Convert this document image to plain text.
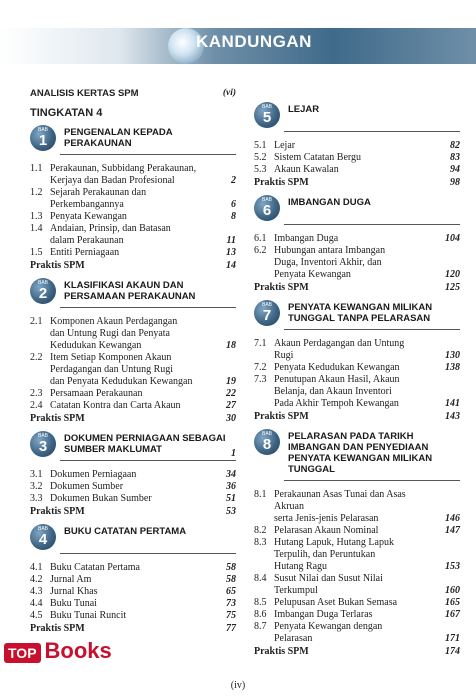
KANDUNGAN
ANALISIS KERTAS SPM	(vi)
TINGKATAN 4
BAB
1	PENGENALAN KEPADA PERAKAUNAN
1.1 Perakaunan, Subbidang Perakaunan,
Kerjaya dan Badan Profesional	2
1.2 Sejarah Perakaunan dan
Perkembangannya	6
1.3 Penyata Kewangan	8
1.4 Andaian, Prinsip, dan Batasan
dalam Perakaunan	11
1.5 Entiti Perniagaan	13
Praktis SPM	14
BAB
2	KLASIFIKASI AKAUN DAN
PERSAMAAN PERAKAUNAN
2.1 Komponen Akaun Perdagangan
dan Untung Rugi dan Penyata
Kedudukan Kewangan	18
2.2 Item Setiap Komponen Akaun
Perdagangan dan Untung Rugi
dan Penyata Kedudukan Kewangan	19
2.3 Persamaan Perakaunan	22
2.4 Catatan Kontra dan Carta Akaun	27
Praktis SPM	30
BAB
3	DOKUMEN PERNIAGAAN SEBAGAI
SUMBER MAKLUMAT	1
3.1 Dokumen Perniagaan	34
3.2 Dokumen Sumber	36
3.3 Dokumen Bukan Sumber	51
Praktis SPM	53
BAB
4	BUKU CATATAN PERTAMA
4.1 Buku Catatan Pertama	58
4.2 Jurnal Am	58
4.3 Jurnal Khas	65
4.4 Buku Tunai	73
4.5 Buku Tunai Runcit	75
Praktis SPM	77
BAB
5	LEJAR
5.1 Lejar	82
5.2 Sistem Catatan Bergu	83
5.3 Akaun Kawalan	94
Praktis SPM	98
BAB
6	IMBANGAN DUGA
6.1 Imbangan Duga	104
6.2 Hubungan antara Imbangan
Duga, Inventori Akhir, dan
Penyata Kewangan	120
Praktis SPM	125
BAB
7	PENYATA KEWANGAN MILIKAN
TUNGGAL TANPA PELARASAN
7.1 Akaun Perdagangan dan Untung
Rugi	130
7.2 Penyata Kedudukan Kewangan	138
7.3 Penutupan Akaun Hasil, Akaun
Belanja, dan Akaun Inventori
Pada Akhir Tempoh Kewangan	141
Praktis SPM	143
BAB
8	PELARASAN PADA TARIKH
IMBANGAN DAN PENYEDIAAN
PENYATA KEWANGAN MILIKAN
TUNGGAL
8.1 Perakaunan Asas Tunai dan Asas Akruan
serta Jenis-jenis Pelarasan	146
8.2 Pelarasan Akaun Nominal	147
8.3 Hutang Lapuk, Hutang Lapuk
Terpulih, dan Peruntukan
Hutang Ragu	153
8.4 Susut Nilai dan Susut Nilai
Terkumpul	160
8.5 Pelupusan Aset Bukan Semasa	165
8.6 Imbangan Duga Terlaras	167
8.7 Penyata Kewangan dengan
Pelarasan	171
Praktis SPM	174
TOP Books
(iv)
